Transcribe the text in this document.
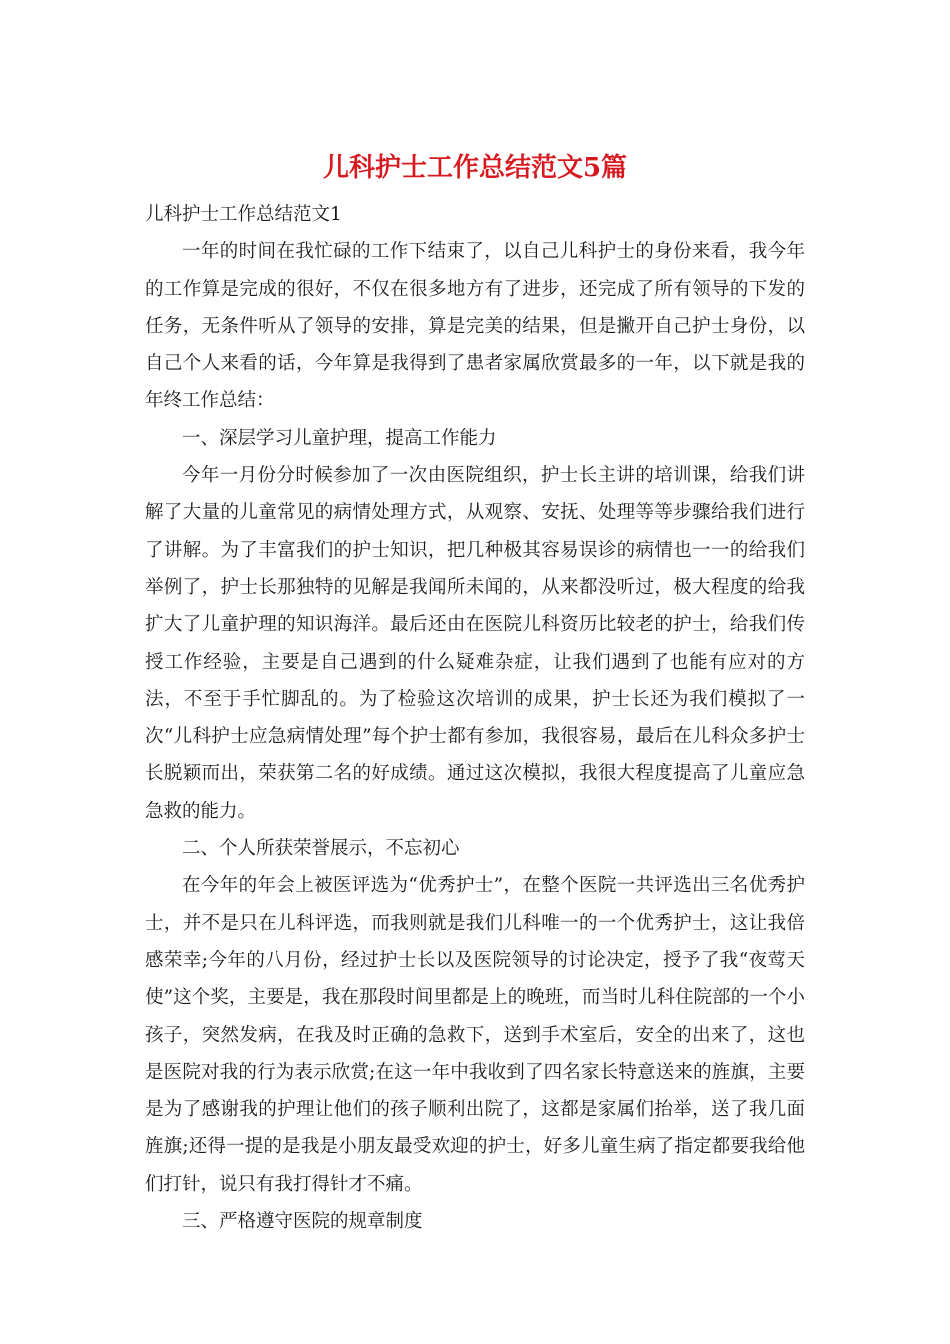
儿科护士工作总结范文5篇

儿科护士工作总结范文1

一年的时间在我忙碌的工作下结束了，以自己儿科护士的身份来看，我今年的工作算是完成的很好，不仅在很多地方有了进步，还完成了所有领导的下发的任务，无条件听从了领导的安排，算是完美的结果，但是撇开自己护士身份，以自己个人来看的话，今年算是我得到了患者家属欣赏最多的一年，以下就是我的年终工作总结：

一、深层学习儿童护理，提高工作能力

今年一月份分时候参加了一次由医院组织，护士长主讲的培训课，给我们讲解了大量的儿童常见的病情处理方式，从观察、安抚、处理等等步骤给我们进行了讲解。为了丰富我们的护士知识，把几种极其容易误诊的病情也一一的给我们举例了，护士长那独特的见解是我闻所未闻的，从来都没听过，极大程度的给我扩大了儿童护理的知识海洋。最后还由在医院儿科资历比较老的护士，给我们传授工作经验，主要是自己遇到的什么疑难杂症，让我们遇到了也能有应对的方法，不至于手忙脚乱的。为了检验这次培训的成果，护士长还为我们模拟了一次“儿科护士应急病情处理”每个护士都有参加，我很容易，最后在儿科众多护士长脱颖而出，荣获第二名的好成绩。通过这次模拟，我很大程度提高了儿童应急急救的能力。

二、个人所获荣誉展示，不忘初心

在今年的年会上被医评选为“优秀护士”，在整个医院一共评选出三名优秀护士，并不是只在儿科评选，而我则就是我们儿科唯一的一个优秀护士，这让我倍感荣幸;今年的八月份，经过护士长以及医院领导的讨论决定，授予了我“夜莺天使”这个奖，主要是，我在那段时间里都是上的晚班，而当时儿科住院部的一个小孩子，突然发病，在我及时正确的急救下，送到手术室后，安全的出来了，这也是医院对我的行为表示欣赏;在这一年中我收到了四名家长特意送来的旌旗，主要是为了感谢我的护理让他们的孩子顺利出院了，这都是家属们抬举，送了我几面旌旗;还得一提的是我是小朋友最受欢迎的护士，好多儿童生病了指定都要我给他们打针，说只有我打得针才不痛。

三、严格遵守医院的规章制度
